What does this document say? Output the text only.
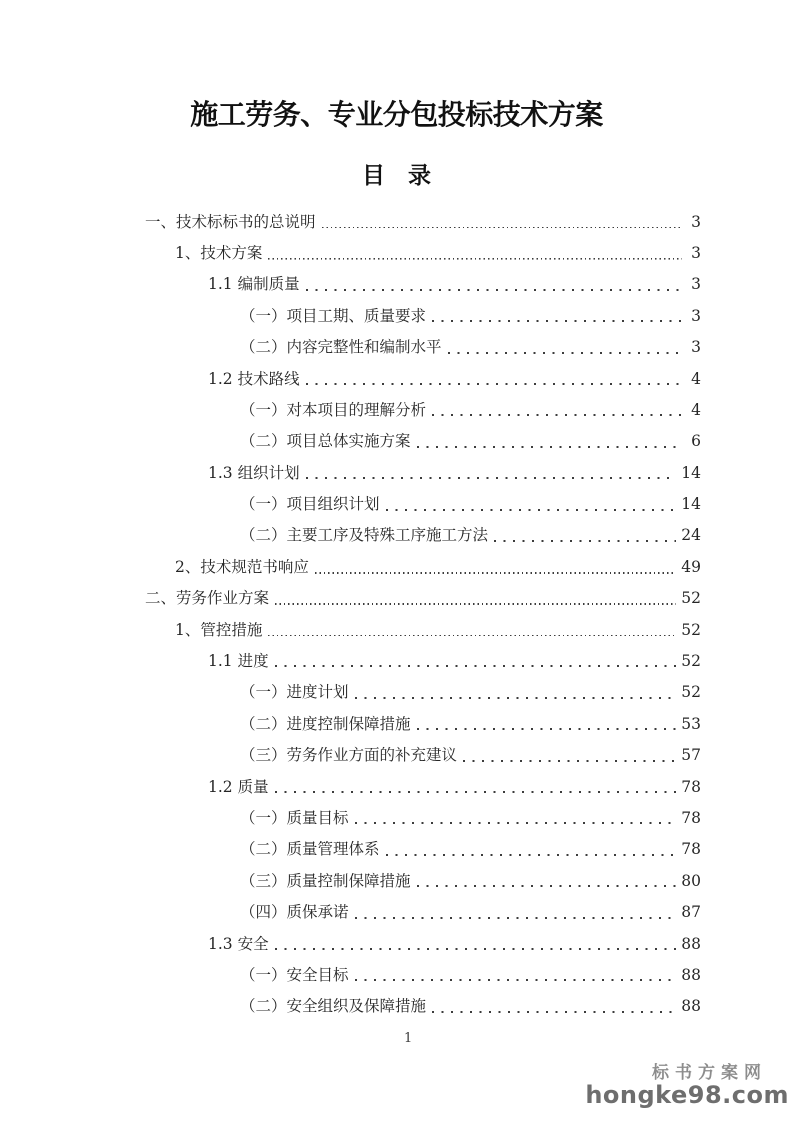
施工劳务、专业分包投标技术方案
目　录
一、技术标标书的总说明	3
1、技术方案	3
1.1 编制质量	3
（一）项目工期、质量要求	3
（二）内容完整性和编制水平	3
1.2 技术路线	4
（一）对本项目的理解分析	4
（二）项目总体实施方案	6
1.3 组织计划	14
（一）项目组织计划	14
（二）主要工序及特殊工序施工方法	24
2、技术规范书响应	49
二、劳务作业方案	52
1、管控措施	52
1.1 进度	52
（一）进度计划	52
（二）进度控制保障措施	53
（三）劳务作业方面的补充建议	57
1.2 质量	78
（一）质量目标	78
（二）质量管理体系	78
（三）质量控制保障措施	80
（四）质保承诺	87
1.3 安全	88
（一）安全目标	88
（二）安全组织及保障措施	88
1
标书方案网
hongke98.com
